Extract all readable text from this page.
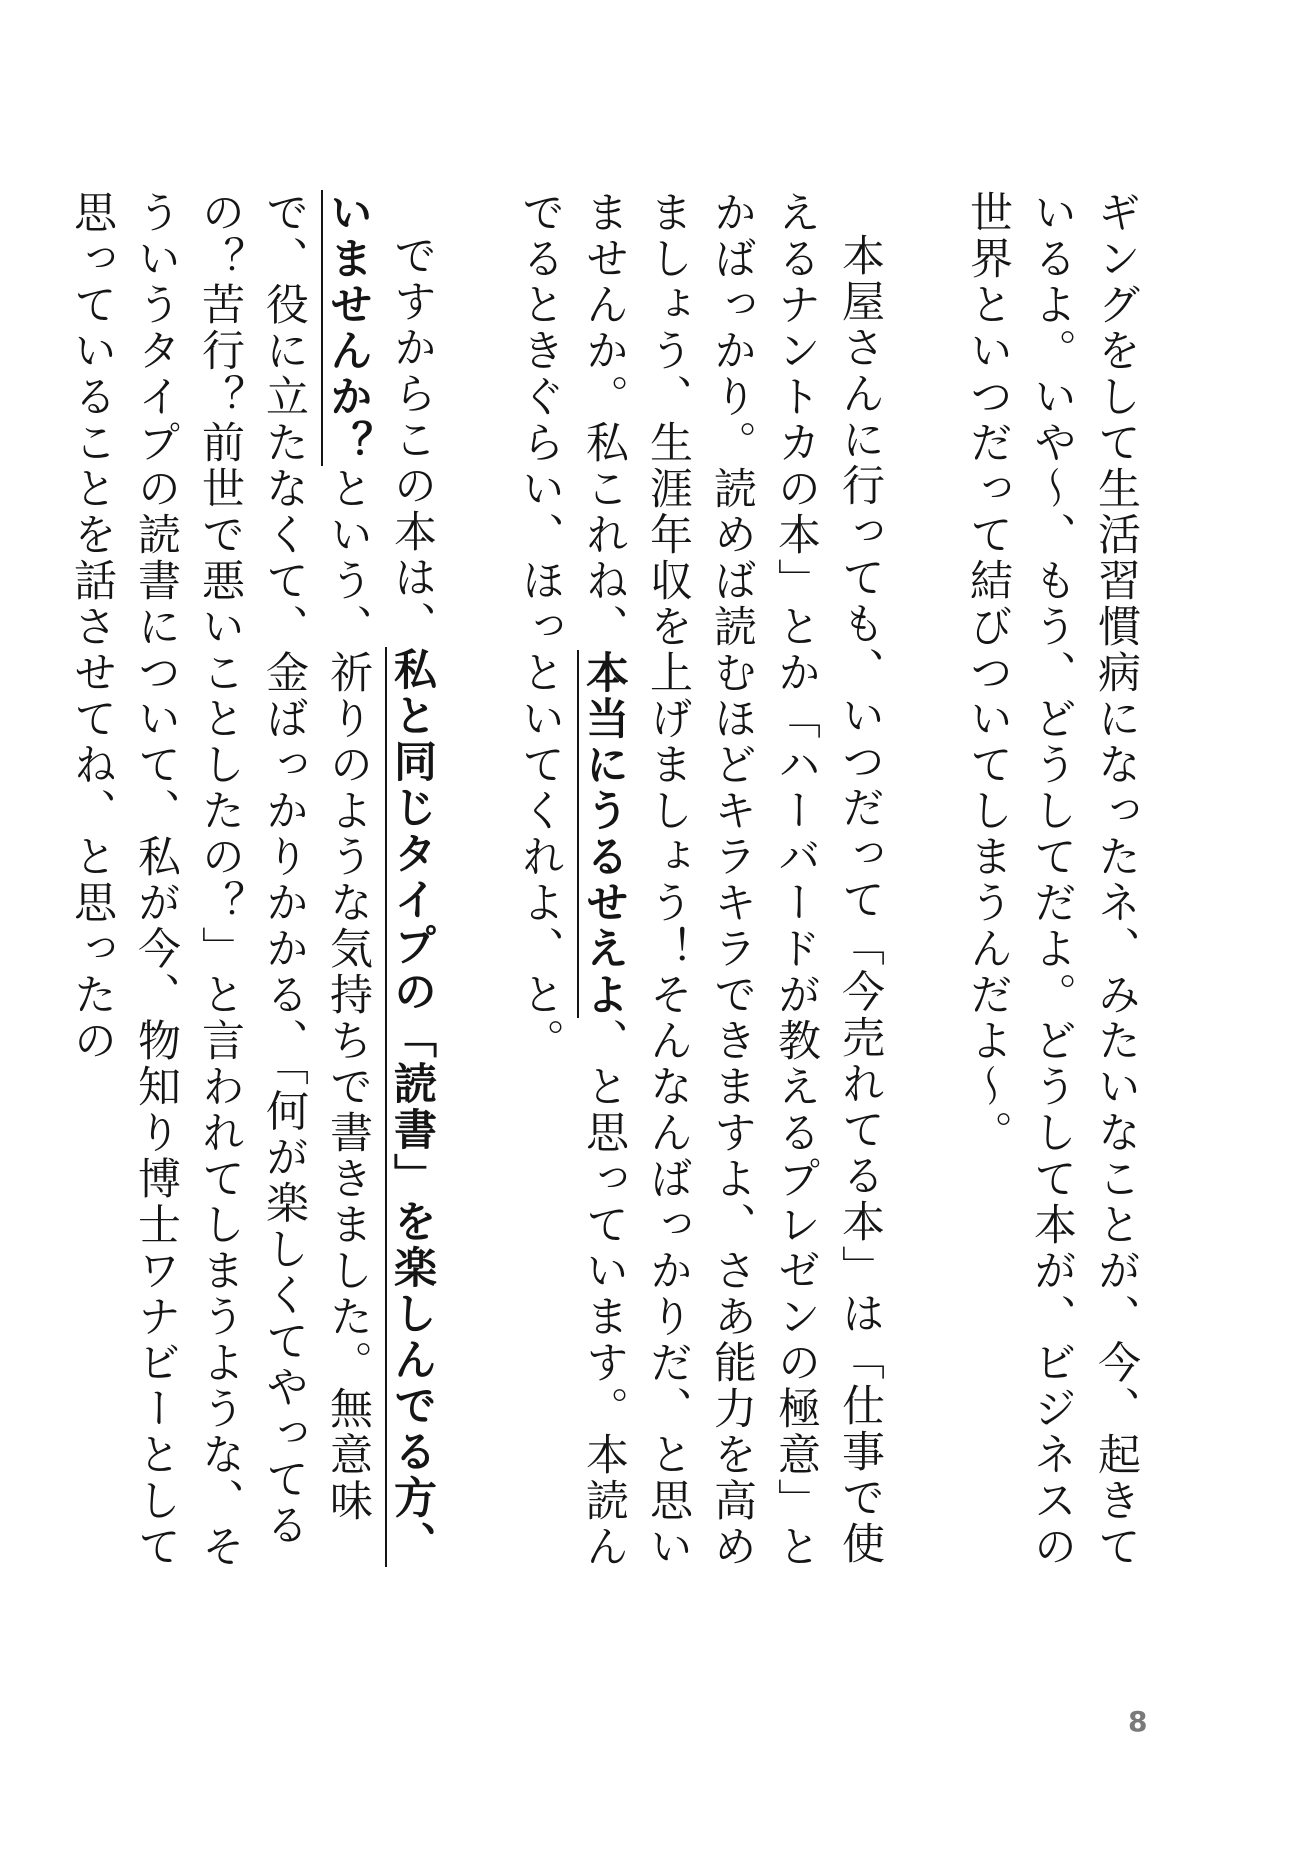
ギングをして生活習慣病になったネ、みたいなことが、今、起きているよ。いや〜、もう、どうしてだよ。どうして本が、ビジネスの世界といつだって結びついてしまうんだよ〜。

本屋さんに行っても、いつだって「今売れてる本」は「仕事で使えるナントカの本」とか「ハーバードが教えるプレゼンの極意」とかばっかり。読めば読むほどキラキラできますよ、さあ能力を高めましょう、生涯年収を上げましょう！そんなんばっかりだ、と思いませんか。私これね、本当にうるせえよ、と思っています。本読んでるときぐらい、ほっといてくれよ、と。

ですからこの本は、私と同じタイプの「読書」を楽しんでる方、いませんか？という、祈りのような気持ちで書きました。無意味で、役に立たなくて、金ばっかりかかる、「何が楽しくてやってるの？苦行？前世で悪いことしたの？」と言われてしまうような、そういうタイプの読書について、私が今、物知り博士ワナビーとして思っていることを話させてね、と思ったの

8
